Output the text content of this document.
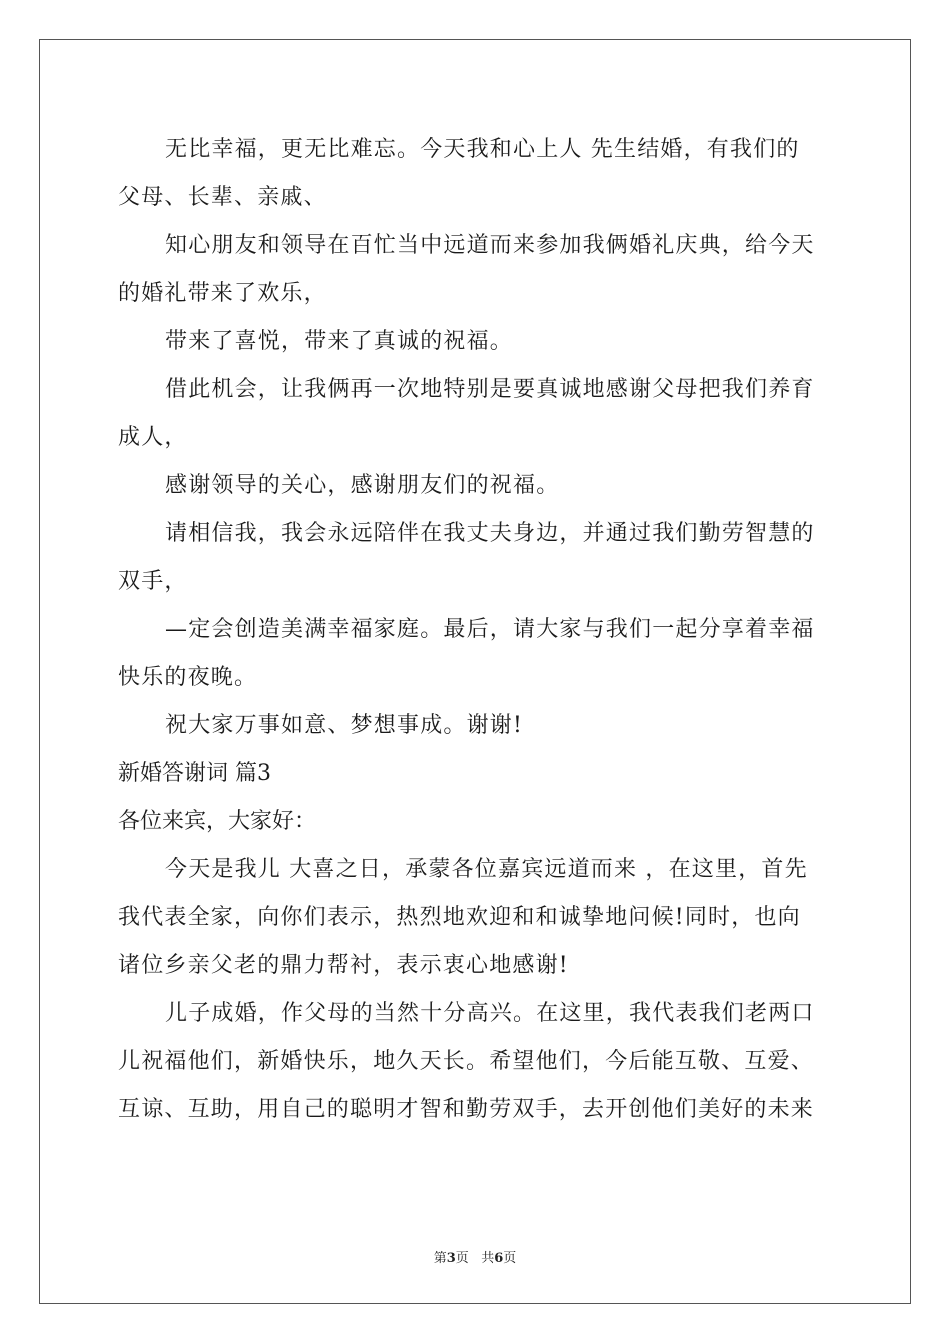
无比幸福，更无比难忘。今天我和心上人 先生结婚，有我们的
父母、长辈、亲戚、
知心朋友和领导在百忙当中远道而来参加我俩婚礼庆典，给今天
的婚礼带来了欢乐，
带来了喜悦，带来了真诚的祝福。
借此机会，让我俩再一次地特别是要真诚地感谢父母把我们养育
成人，
感谢领导的关心，感谢朋友们的祝福。
请相信我，我会永远陪伴在我丈夫身边，并通过我们勤劳智慧的
双手，
—定会创造美满幸福家庭。最后，请大家与我们一起分享着幸福
快乐的夜晚。
祝大家万事如意、梦想事成。谢谢!
新婚答谢词 篇3
各位来宾，大家好：
今天是我儿 大喜之日，承蒙各位嘉宾远道而来 ，在这里，首先
我代表全家，向你们表示，热烈地欢迎和和诚挚地问候!同时，也向
诸位乡亲父老的鼎力帮衬，表示衷心地感谢!
儿子成婚，作父母的当然十分高兴。在这里，我代表我们老两口
儿祝福他们，新婚快乐，地久天长。希望他们，今后能互敬、互爱、
互谅、互助，用自己的聪明才智和勤劳双手，去开创他们美好的未来
第3页 共6页
